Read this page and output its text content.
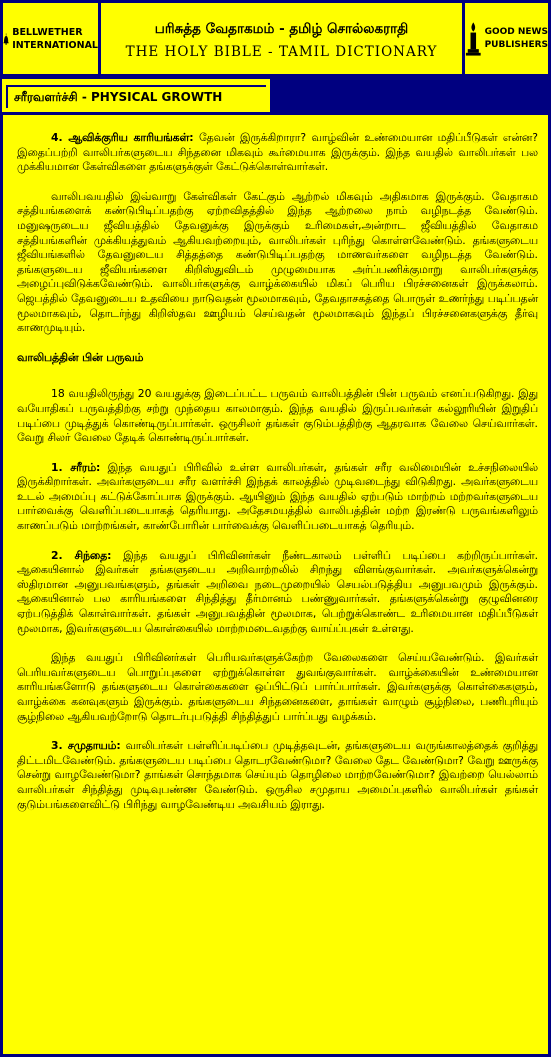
BELLWETHER
INTERNATIONAL
பரிசுத்த வேதாகமம் - தமிழ் சொல்லகராதி
THE HOLY BIBLE - TAMIL DICTIONARY
GOOD NEWS
PUBLISHERS
சரீரவளர்ச்சி - PHYSICAL GROWTH

4. ஆவிக்குரிய காரியங்கள்: தேவன் இருக்கிறாரா? வாழ்வின் உண்மையான மதிப்பீடுகள் என்ன? இதைப்பற்றி வாலிபர்களுடைய சிந்தனை மிகவும் கூர்மையாக இருக்கும். இந்த வயதில் வாலிபர்கள் பல முக்கியமான கேள்விகளை தங்களுக்குள் கேட்டுக்கொள்வார்கள்.

வாலிபவயதில் இவ்வாறு கேள்விகள் கேட்கும் ஆற்றல் மிகவும் அதிகமாக இருக்கும். வேதாகம சத்தியங்களைக் கண்டுபிடிப்பதற்கு ஏற்றவிதத்தில் இந்த ஆற்றலை நாம் வழிநடத்த வேண்டும். மனுஷருடைய ஜீவியத்தில் தேவனுக்கு இருக்கும் உரிமைகள்,அன்றாட ஜீவியத்தில் வேதாகம சத்தியங்களின் முக்கியத்துவம் ஆகியவற்றையும், வாலிபர்கள் புரிந்து கொள்ளவேண்டும். தங்களுடைய ஜீவியங்களில் தேவனுடைய சித்தத்தை கண்டுபிடிப்பதற்கு மாணவர்களை வழிநடத்த வேண்டும். தங்களுடைய ஜீவியங்களை கிறிஸ்துவிடம் முழுமையாக அர்ப்பணிக்குமாறு வாலிபர்களுக்கு அழைப்புவிடுக்கவேண்டும். வாலிபர்களுக்கு வாழ்க்கையில் மிகப் பெரிய பிரச்சனைகள் இருக்கலாம். ஜெபத்தில் தேவனுடைய உதவியை நாடுவதன் மூலமாகவும், தேவதாசகத்தை பொருள் உணர்ந்து படிப்பதன் மூலமாகவும், தொடர்ந்து கிறிஸ்தவ ஊழியம் செய்வதன் மூலமாகவும் இந்தப் பிரச்சனைகளுக்கு தீர்வு காணமுடியும்.

வாலிபத்தின் பின் பருவம்

18 வயதிலிருந்து 20 வயதுக்கு இடைப்பட்ட பருவம் வாலிபத்தின் பின் பருவம் எனப்படுகிறது. இது வயோதிகப் பருவத்திற்கு சற்று முந்தைய காலமாகும். இந்த வயதில் இருப்பவர்கள் கல்லூரியின் இறுதிப் படிப்பை முடித்துக் கொண்டிருப்பார்கள். ஒருசிலர் தங்கள் குடும்பத்திற்கு ஆதரவாக வேலை செய்வார்கள். வேறு சிலர் வேலை தேடிக் கொண்டிருப்பார்கள்.

1. சரீரம்: இந்த வயதுப் பிரிவில் உள்ள வாலிபர்கள், தங்கள் சரீர வலிமையின் உச்சநிலையில் இருக்கிறார்கள். அவர்களுடைய சரீர வளர்ச்சி இந்தக் காலத்தில் முடிவடைந்து விடுகிறது. அவர்களுடைய உடல் அமைப்பு கட்டுக்கோப்பாக இருக்கும். ஆயினும் இந்த வயதில் ஏற்படும் மாற்றம் மற்றவர்களுடைய பார்வைக்கு வெளிப்படையாகத் தெரியாது. அதேசமயத்தில் வாலிபத்தின் மற்ற இரண்டு பருவங்களிலும் காணப்படும் மாற்றங்கள், காண்போரின் பார்வைக்கு வெளிப்படையாகத் தெரியும்.

2. சிந்தை: இந்த வயதுப் பிரிவினர்கள் நீண்டகாலம் பள்ளிப் படிப்பை கற்றிருப்பார்கள். ஆகையினால் இவர்கள் தங்களுடைய அறிவாற்றலில் சிறந்து விளங்குவார்கள். அவர்களுக்கென்று ஸ்திரமான அனுபவங்களும், தங்கள் அறிவை நடைமுறையில் செயல்படுத்திய அனுபவமும் இருக்கும். ஆகையினால் பல காரியங்களை சிந்தித்து தீர்மானம் பண்ணுவார்கள். தங்களுக்கென்று குழுவினரை ஏற்படுத்திக் கொள்வார்கள். தங்கள் அனுபவத்தின் மூலமாக, பெற்றுக்கொண்ட உரிமையான மதிப்பீடுகள் மூலமாக, இவர்களுடைய கொள்கையில் மாற்றமடைவதற்கு வாய்ப்புகள் உள்ளது.

இந்த வயதுப் பிரிவினர்கள் பெரியவர்களுக்கேற்ற வேலைகளை செய்யவேண்டும். இவர்கள் பெரியவர்களுடைய பொறுப்புகளை ஏற்றுக்கொள்ள துவங்குவார்கள். வாழ்க்கையின் உண்மையான காரியங்களோடு தங்களுடைய கொள்கைகளை ஒப்பிட்டுப் பார்ப்பார்கள். இவர்களுக்கு கொள்கைகளும், வாழ்க்கை கனவுகளும் இருக்கும். தங்களுடைய சிந்தனைகளை, தாங்கள் வாழும் சூழ்நிலை, பணிபுரியும் சூழ்நிலை ஆகியவற்றோடு தொடர்புபடுத்தி சிந்தித்துப் பார்ப்பது வழக்கம்.

3. சமுதாயம்: வாலிபர்கள் பள்ளிப்படிப்பை முடித்தவுடன், தங்களுடைய வருங்காலத்தைக் குறித்து திட்டமிடவேண்டும். தங்களுடைய படிப்பை தொடரவேண்டுமா? வேலை தேட வேண்டுமா? வேறு ஊருக்கு சென்று வாழவேண்டுமா? தாங்கள் சொந்தமாக செய்யும் தொழிலை மாற்றவேண்டுமா? இவற்றை யெல்லாம் வாலிபர்கள் சிந்தித்து முடிவுபண்ண வேண்டும். ஒருசில சமுதாய அமைப்புகளில் வாலிபர்கள் தங்கள் குடும்பங்களைவிட்டு பிரிந்து வாழவேண்டிய அவசியம் இராது.
